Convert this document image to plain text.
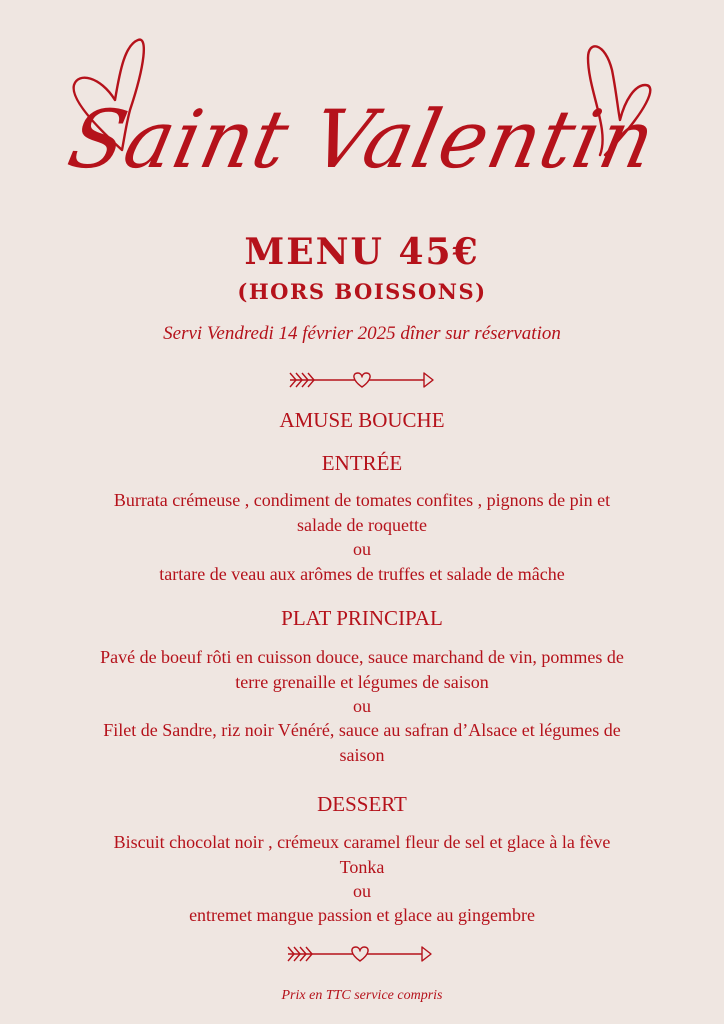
Saint Valentin
MENU 45€
(HORS BOISSONS)
Servi Vendredi 14 février 2025 dîner sur réservation
AMUSE BOUCHE
ENTRÉE
Burrata crémeuse , condiment de tomates confites , pignons de pin et salade de roquette
ou
tartare de veau aux arômes de truffes et salade de mâche
PLAT PRINCIPAL
Pavé de boeuf rôti en cuisson douce, sauce marchand de vin, pommes de terre grenaille et légumes de saison
ou
Filet de Sandre, riz noir Vénéré, sauce au safran d’Alsace et légumes de saison
DESSERT
Biscuit chocolat noir , crémeux caramel fleur de sel et glace à la fève Tonka
ou
entremet mangue passion et glace au gingembre
Prix en TTC service compris
